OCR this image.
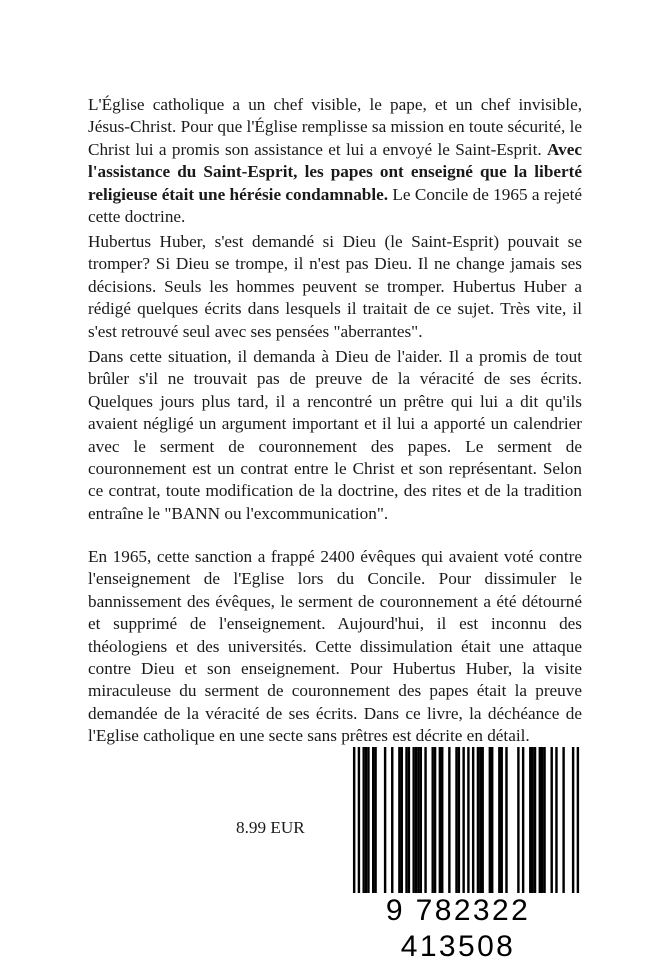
L'Église catholique a un chef visible, le pape, et un chef invisible, Jésus-Christ. Pour que l'Église remplisse sa mission en toute sécurité, le Christ lui a promis son assistance et lui a envoyé le Saint-Esprit. Avec l'assistance du Saint-Esprit, les papes ont enseigné que la liberté religieuse était une hérésie condamnable. Le Concile de 1965 a rejeté cette doctrine.

Hubertus Huber, s'est demandé si Dieu (le Saint-Esprit) pouvait se tromper? Si Dieu se trompe, il n'est pas Dieu. Il ne change jamais ses décisions. Seuls les hommes peuvent se tromper. Hubertus Huber a rédigé quelques écrits dans lesquels il traitait de ce sujet. Très vite, il s'est retrouvé seul avec ses pensées "aberrantes".

Dans cette situation, il demanda à Dieu de l'aider. Il a promis de tout brûler s'il ne trouvait pas de preuve de la véracité de ses écrits. Quelques jours plus tard, il a rencontré un prêtre qui lui a dit qu'ils avaient négligé un argument important et il lui a apporté un calendrier avec le serment de couronnement des papes. Le serment de couronnement est un contrat entre le Christ et son représentant. Selon ce contrat, toute modification de la doctrine, des rites et de la tradition entraîne le "BANN ou l'excommunication".

En 1965, cette sanction a frappé 2400 évêques qui avaient voté contre l'enseignement de l'Eglise lors du Concile. Pour dissimuler le bannissement des évêques, le serment de couronnement a été détourné et supprimé de l'enseignement. Aujourd'hui, il est inconnu des théologiens et des universités. Cette dissimulation était une attaque contre Dieu et son enseignement. Pour Hubertus Huber, la visite miraculeuse du serment de couronnement des papes était la preuve demandée de la véracité de ses écrits. Dans ce livre, la déchéance de l'Eglise catholique en une secte sans prêtres est décrite en détail.

8.99 EUR
9 782322 413508
